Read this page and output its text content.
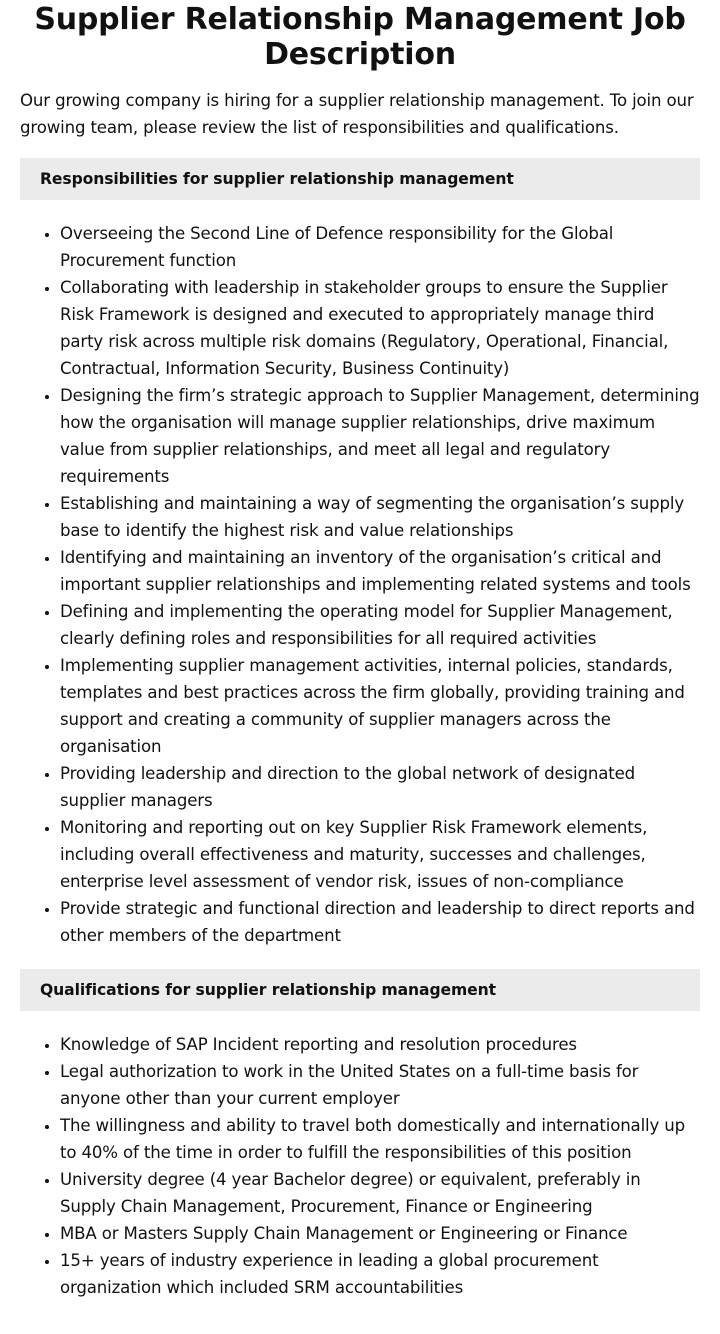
Supplier Relationship Management Job Description

Our growing company is hiring for a supplier relationship management. To join our growing team, please review the list of responsibilities and qualifications.

Responsibilities for supplier relationship management
• Overseeing the Second Line of Defence responsibility for the Global Procurement function
• Collaborating with leadership in stakeholder groups to ensure the Supplier Risk Framework is designed and executed to appropriately manage third party risk across multiple risk domains (Regulatory, Operational, Financial, Contractual, Information Security, Business Continuity)
• Designing the firm’s strategic approach to Supplier Management, determining how the organisation will manage supplier relationships, drive maximum value from supplier relationships, and meet all legal and regulatory requirements
• Establishing and maintaining a way of segmenting the organisation’s supply base to identify the highest risk and value relationships
• Identifying and maintaining an inventory of the organisation’s critical and important supplier relationships and implementing related systems and tools
• Defining and implementing the operating model for Supplier Management, clearly defining roles and responsibilities for all required activities
• Implementing supplier management activities, internal policies, standards, templates and best practices across the firm globally, providing training and support and creating a community of supplier managers across the organisation
• Providing leadership and direction to the global network of designated supplier managers
• Monitoring and reporting out on key Supplier Risk Framework elements, including overall effectiveness and maturity, successes and challenges, enterprise level assessment of vendor risk, issues of non-compliance
• Provide strategic and functional direction and leadership to direct reports and other members of the department
Qualifications for supplier relationship management
• Knowledge of SAP Incident reporting and resolution procedures
• Legal authorization to work in the United States on a full-time basis for anyone other than your current employer
• The willingness and ability to travel both domestically and internationally up to 40% of the time in order to fulfill the responsibilities of this position
• University degree (4 year Bachelor degree) or equivalent, preferably in Supply Chain Management, Procurement, Finance or Engineering
• MBA or Masters Supply Chain Management or Engineering or Finance
• 15+ years of industry experience in leading a global procurement organization which included SRM accountabilities
